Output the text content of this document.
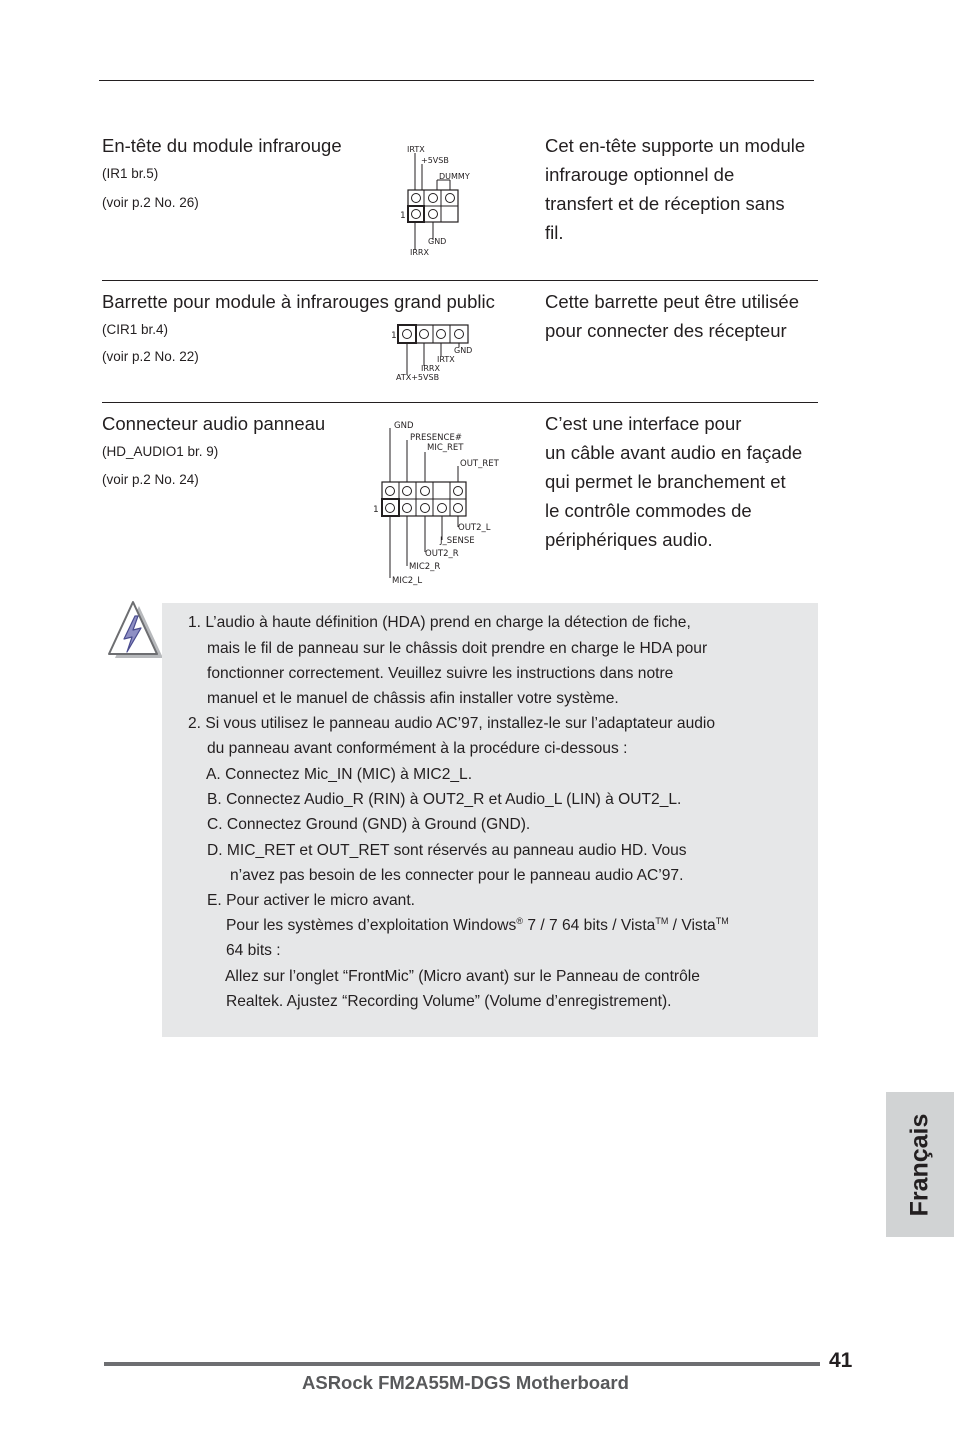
En-tête du module infrarouge
(IR1 br.5)
(voir p.2 No. 26)
IRTX
+5VSB
DUMMY
1
GND
IRRX
Cet en-tête supporte un module
infrarouge optionnel de
transfert et de réception sans
fil.
Barrette pour module à infrarouges grand public
(CIR1 br.4)
(voir p.2 No. 22)
1
GND
IRTX
IRRX
ATX+5VSB
Cette barrette peut être utilisée
pour connecter des récepteur
Connecteur audio panneau
(HD_AUDIO1 br. 9)
(voir p.2 No. 24)
GND
PRESENCE#
MIC_RET
OUT_RET
1
OUT2_L
J_SENSE
OUT2_R
MIC2_R
MIC2_L
C’est une interface pour
un câble avant audio en façade
qui permet le branchement et
le contrôle commodes de
périphériques audio.
1. L’audio à haute définition (HDA) prend en charge la détection de fiche,
mais le fil de panneau sur le châssis doit prendre en charge le HDA pour
fonctionner correctement. Veuillez suivre les instructions dans notre
manuel et le manuel de châssis afin installer votre système.
2. Si vous utilisez le panneau audio AC’97, installez-le sur l’adaptateur audio
du panneau avant conformément à la procédure ci-dessous :
A. Connectez Mic_IN (MIC) à MIC2_L.
B. Connectez Audio_R (RIN) à OUT2_R et Audio_L (LIN) à OUT2_L.
C. Connectez Ground (GND) à Ground (GND).
D. MIC_RET et OUT_RET sont réservés au panneau audio HD. Vous
n’avez pas besoin de les connecter pour le panneau audio AC’97.
E. Pour activer le micro avant.
Pour les systèmes d’exploitation Windows® 7 / 7 64 bits / Vista™ / Vista™
64 bits :
Allez sur l’onglet “FrontMic” (Micro avant) sur le Panneau de contrôle
Realtek. Ajustez “Recording Volume” (Volume d’enregistrement).
Français
41
ASRock FM2A55M-DGS Motherboard
